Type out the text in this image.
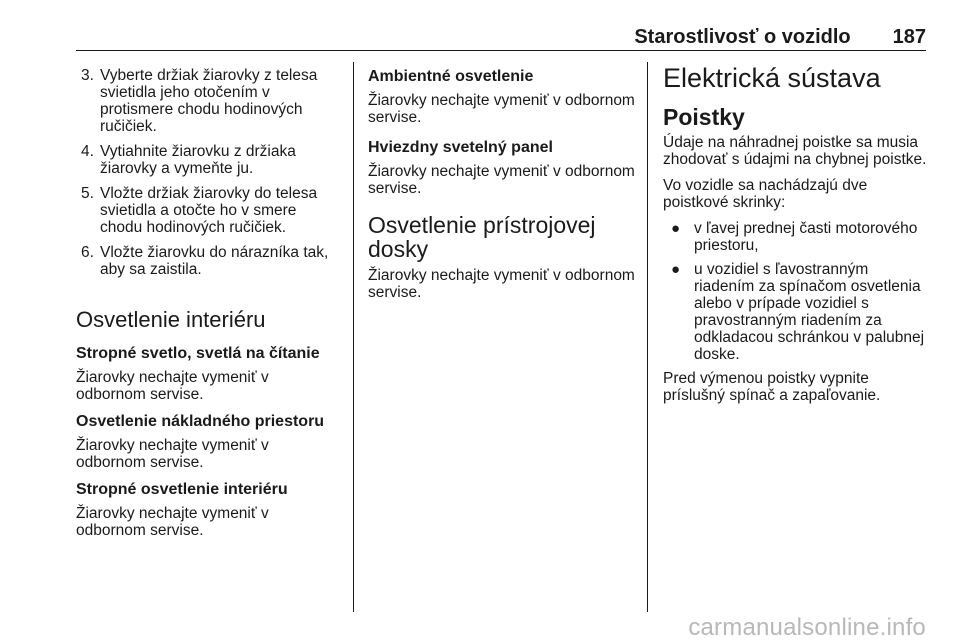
Starostlivosť o vozidlo 187
3. Vyberte držiak žiarovky z telesa svietidla jeho otočením v protismere chodu hodinových ručičiek.
4. Vytiahnite žiarovku z držiaka žiarovky a vymeňte ju.
5. Vložte držiak žiarovky do telesa svietidla a otočte ho v smere chodu hodinových ručičiek.
6. Vložte žiarovku do nárazníka tak, aby sa zaistila.
Osvetlenie interiéru
Stropné svetlo, svetlá na čítanie

Žiarovky nechajte vymeniť v odbornom servise.

Osvetlenie nákladného priestoru

Žiarovky nechajte vymeniť v odbornom servise.

Stropné osvetlenie interiéru

Žiarovky nechajte vymeniť v odbornom servise.

Ambientné osvetlenie

Žiarovky nechajte vymeniť v odbornom servise.

Hviezdny svetelný panel

Žiarovky nechajte vymeniť v odbornom servise.

Osvetlenie prístrojovej dosky

Žiarovky nechajte vymeniť v odbornom servise.

Elektrická sústava
Poistky

Údaje na náhradnej poistke sa musia zhodovať s údajmi na chybnej poistke.

Vo vozidle sa nachádzajú dve poistkové skrinky:

● v ľavej prednej časti motorového priestoru,
● u vozidiel s ľavostranným riadením za spínačom osvetlenia alebo v prípade vozidiel s pravostranným riadením za odkladacou schránkou v palubnej doske.

Pred výmenou poistky vypnite príslušný spínač a zapaľovanie.

carmanualsonline.info
